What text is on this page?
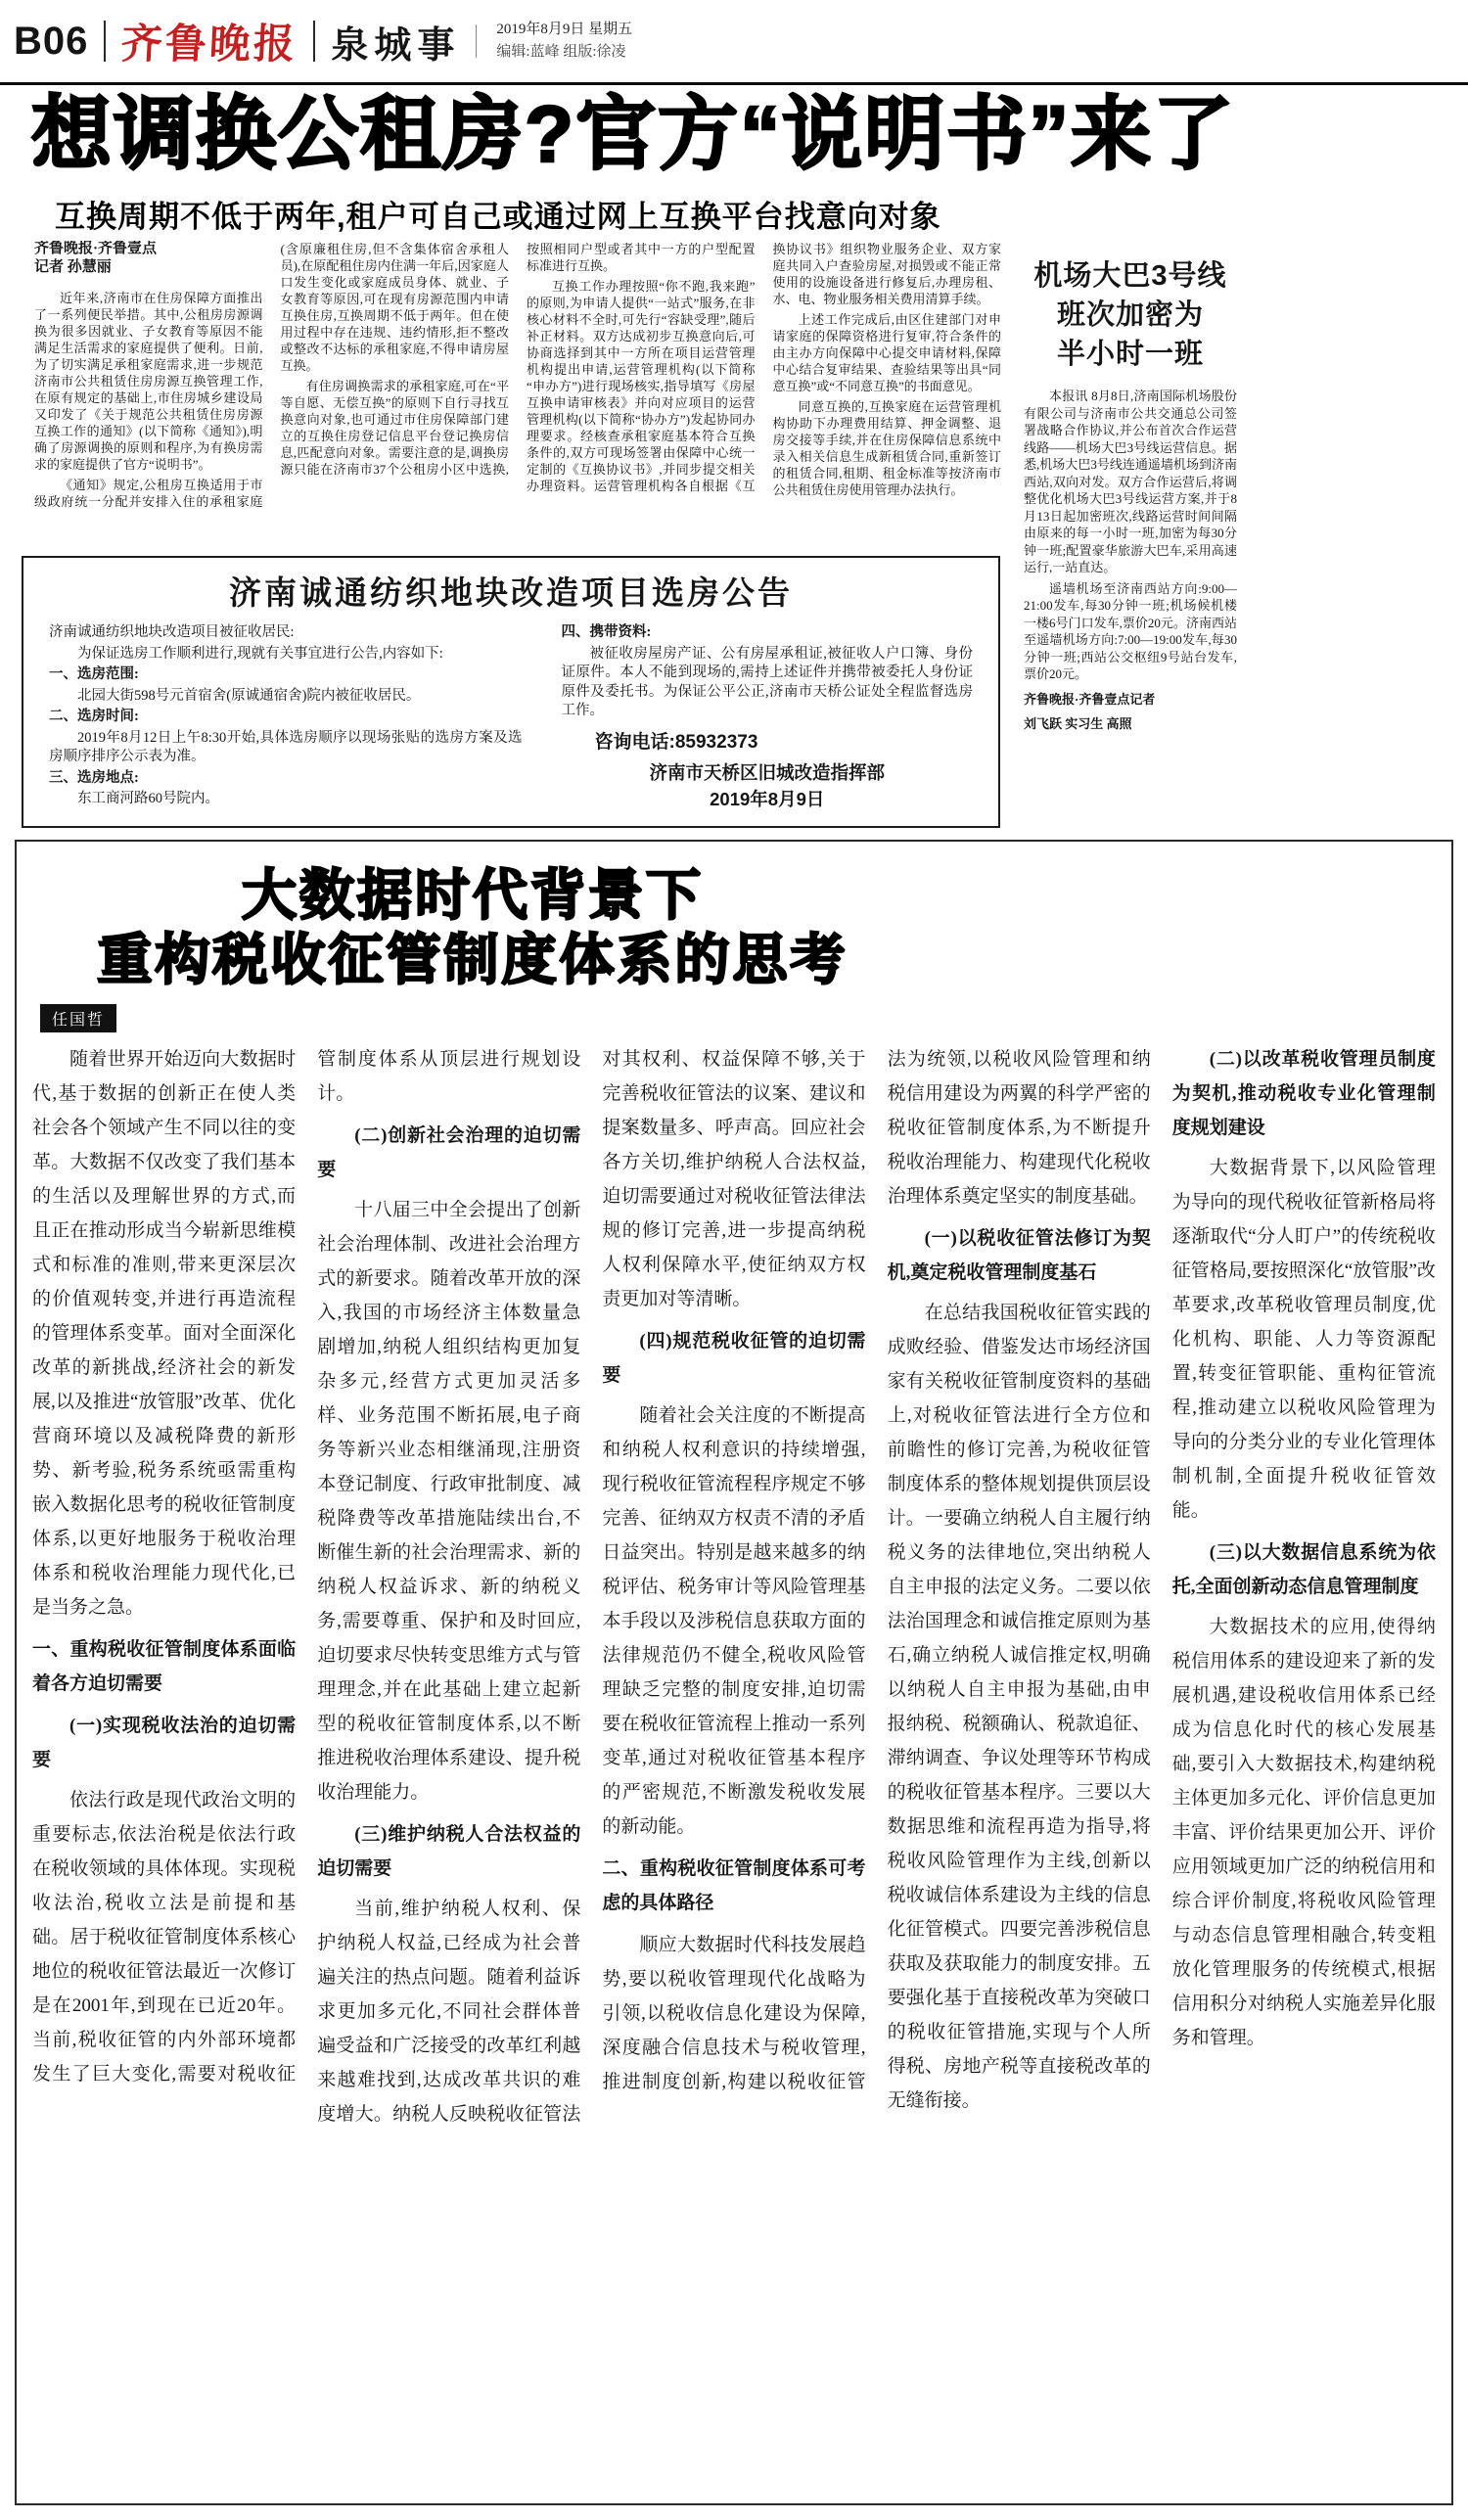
B06 齐鲁晚报 泉城事 2019年8月9日 星期五
编辑:蓝峰 组版:徐凌
想调换公租房?官方“说明书”来了
互换周期不低于两年,租户可自己或通过网上互换平台找意向对象

齐鲁晚报·齐鲁壹点

记者 孙慧丽

近年来,济南市在住房保障方面推出了一系列便民举措。其中,公租房房源调换为很多因就业、子女教育等原因不能满足生活需求的家庭提供了便利。日前,为了切实满足承租家庭需求,进一步规范济南市公共租赁住房房源互换管理工作,在原有规定的基础上,市住房城乡建设局又印发了《关于规范公共租赁住房房源互换工作的通知》(以下简称《通知》),明确了房源调换的原则和程序,为有换房需求的家庭提供了官方“说明书”。

《通知》规定,公租房互换适用于市级政府统一分配并安排入住的承租家庭(含原廉租住房,但不含集体宿舍承租人员),在原配租住房内住满一年后,因家庭人口发生变化或家庭成员身体、就业、子女教育等原因,可在现有房源范围内申请互换住房,互换周期不低于两年。但在使用过程中存在违规、违约情形,拒不整改或整改不达标的承租家庭,不得申请房屋互换。

有住房调换需求的承租家庭,可在“平等自愿、无偿互换”的原则下自行寻找互换意向对象,也可通过市住房保障部门建立的互换住房登记信息平台登记换房信息,匹配意向对象。需要注意的是,调换房源只能在济南市37个公租房小区中选换,按照相同户型或者其中一方的户型配置标准进行互换。

互换工作办理按照“你不跑,我来跑”的原则,为申请人提供“一站式”服务,在非核心材料不全时,可先行“容缺受理”,随后补正材料。双方达成初步互换意向后,可协商选择到其中一方所在项目运营管理机构提出申请,运营管理机构(以下简称“申办方”)进行现场核实,指导填写《房屋互换申请审核表》并向对应项目的运营管理机构(以下简称“协办方”)发起协同办理要求。经核查承租家庭基本符合互换条件的,双方可现场签署由保障中心统一定制的《互换协议书》,并同步提交相关办理资料。运营管理机构各自根据《互换协议书》组织物业服务企业、双方家庭共同入户查验房屋,对损毁或不能正常使用的设施设备进行修复后,办理房租、水、电、物业服务相关费用清算手续。

上述工作完成后,由区住建部门对申请家庭的保障资格进行复审,符合条件的由主办方向保障中心提交申请材料,保障中心结合复审结果、查验结果等出具“同意互换”或“不同意互换”的书面意见。

同意互换的,互换家庭在运营管理机构协助下办理费用结算、押金调整、退房交接等手续,并在住房保障信息系统中录入相关信息生成新租赁合同,重新签订的租赁合同,租期、租金标准等按济南市公共租赁住房使用管理办法执行。

机场大巴3号线
班次加密为
半小时一班

本报讯 8月8日,济南国际机场股份有限公司与济南市公共交通总公司签署战略合作协议,并公布首次合作运营线路——机场大巴3号线运营信息。据悉,机场大巴3号线连通遥墙机场到济南西站,双向对发。双方合作运营后,将调整优化机场大巴3号线运营方案,并于8月13日起加密班次,线路运营时间间隔由原来的每一小时一班,加密为每30分钟一班;配置豪华旅游大巴车,采用高速运行,一站直达。

遥墙机场至济南西站方向:9:00—21:00发车,每30分钟一班;机场候机楼一楼6号门口发车,票价20元。济南西站至遥墙机场方向:7:00—19:00发车,每30分钟一班;西站公交枢纽9号站台发车,票价20元。

齐鲁晚报·齐鲁壹点记者

刘飞跃 实习生 高照

济南诚通纺织地块改造项目选房公告

济南诚通纺织地块改造项目被征收居民:

为保证选房工作顺利进行,现就有关事宜进行公告,内容如下:

一、选房范围:

北园大街598号元首宿舍(原诚通宿舍)院内被征收居民。

二、选房时间:

2019年8月12日上午8:30开始,具体选房顺序以现场张贴的选房方案及选房顺序排序公示表为准。

三、选房地点:

东工商河路60号院内。

四、携带资料:

被征收房屋房产证、公有房屋承租证,被征收人户口簿、身份证原件。本人不能到现场的,需持上述证件并携带被委托人身份证原件及委托书。为保证公平公正,济南市天桥公证处全程监督选房工作。

咨询电话:85932373
济南市天桥区旧城改造指挥部
2019年8月9日
大数据时代背景下
重构税收征管制度体系的思考
任国哲

随着世界开始迈向大数据时代,基于数据的创新正在使人类社会各个领域产生不同以往的变革。大数据不仅改变了我们基本的生活以及理解世界的方式,而且正在推动形成当今崭新思维模式和标准的准则,带来更深层次的价值观转变,并进行再造流程的管理体系变革。面对全面深化改革的新挑战,经济社会的新发展,以及推进“放管服”改革、优化营商环境以及减税降费的新形势、新考验,税务系统亟需重构嵌入数据化思考的税收征管制度体系,以更好地服务于税收治理体系和税收治理能力现代化,已是当务之急。

一、重构税收征管制度体系面临着各方迫切需要

(一)实现税收法治的迫切需要

依法行政是现代政治文明的重要标志,依法治税是依法行政在税收领域的具体体现。实现税收法治,税收立法是前提和基础。居于税收征管制度体系核心地位的税收征管法最近一次修订是在2001年,到现在已近20年。当前,税收征管的内外部环境都发生了巨大变化,需要对税收征管制度体系从顶层进行规划设计。

(二)创新社会治理的迫切需要

十八届三中全会提出了创新社会治理体制、改进社会治理方式的新要求。随着改革开放的深入,我国的市场经济主体数量急剧增加,纳税人组织结构更加复杂多元,经营方式更加灵活多样、业务范围不断拓展,电子商务等新兴业态相继涌现,注册资本登记制度、行政审批制度、减税降费等改革措施陆续出台,不断催生新的社会治理需求、新的纳税人权益诉求、新的纳税义务,需要尊重、保护和及时回应,迫切要求尽快转变思维方式与管理理念,并在此基础上建立起新型的税收征管制度体系,以不断推进税收治理体系建设、提升税收治理能力。

(三)维护纳税人合法权益的迫切需要

当前,维护纳税人权利、保护纳税人权益,已经成为社会普遍关注的热点问题。随着利益诉求更加多元化,不同社会群体普遍受益和广泛接受的改革红利越来越难找到,达成改革共识的难度增大。纳税人反映税收征管法对其权利、权益保障不够,关于完善税收征管法的议案、建议和提案数量多、呼声高。回应社会各方关切,维护纳税人合法权益,迫切需要通过对税收征管法律法规的修订完善,进一步提高纳税人权利保障水平,使征纳双方权责更加对等清晰。

(四)规范税收征管的迫切需要

随着社会关注度的不断提高和纳税人权利意识的持续增强,现行税收征管流程程序规定不够完善、征纳双方权责不清的矛盾日益突出。特别是越来越多的纳税评估、税务审计等风险管理基本手段以及涉税信息获取方面的法律规范仍不健全,税收风险管理缺乏完整的制度安排,迫切需要在税收征管流程上推动一系列变革,通过对税收征管基本程序的严密规范,不断激发税收发展的新动能。

二、重构税收征管制度体系可考虑的具体路径

顺应大数据时代科技发展趋势,要以税收管理现代化战略为引领,以税收信息化建设为保障,深度融合信息技术与税收管理,推进制度创新,构建以税收征管法为统领,以税收风险管理和纳税信用建设为两翼的科学严密的税收征管制度体系,为不断提升税收治理能力、构建现代化税收治理体系奠定坚实的制度基础。

(一)以税收征管法修订为契机,奠定税收管理制度基石

在总结我国税收征管实践的成败经验、借鉴发达市场经济国家有关税收征管制度资料的基础上,对税收征管法进行全方位和前瞻性的修订完善,为税收征管制度体系的整体规划提供顶层设计。一要确立纳税人自主履行纳税义务的法律地位,突出纳税人自主申报的法定义务。二要以依法治国理念和诚信推定原则为基石,确立纳税人诚信推定权,明确以纳税人自主申报为基础,由申报纳税、税额确认、税款追征、滞纳调查、争议处理等环节构成的税收征管基本程序。三要以大数据思维和流程再造为指导,将税收风险管理作为主线,创新以税收诚信体系建设为主线的信息化征管模式。四要完善涉税信息获取及获取能力的制度安排。五要强化基于直接税改革为突破口的税收征管措施,实现与个人所得税、房地产税等直接税改革的无缝衔接。

(二)以改革税收管理员制度为契机,推动税收专业化管理制度规划建设

大数据背景下,以风险管理为导向的现代税收征管新格局将逐渐取代“分人盯户”的传统税收征管格局,要按照深化“放管服”改革要求,改革税收管理员制度,优化机构、职能、人力等资源配置,转变征管职能、重构征管流程,推动建立以税收风险管理为导向的分类分业的专业化管理体制机制,全面提升税收征管效能。

(三)以大数据信息系统为依托,全面创新动态信息管理制度

大数据技术的应用,使得纳税信用体系的建设迎来了新的发展机遇,建设税收信用体系已经成为信息化时代的核心发展基础,要引入大数据技术,构建纳税主体更加多元化、评价信息更加丰富、评价结果更加公开、评价应用领域更加广泛的纳税信用和综合评价制度,将税收风险管理与动态信息管理相融合,转变粗放化管理服务的传统模式,根据信用积分对纳税人实施差异化服务和管理。
